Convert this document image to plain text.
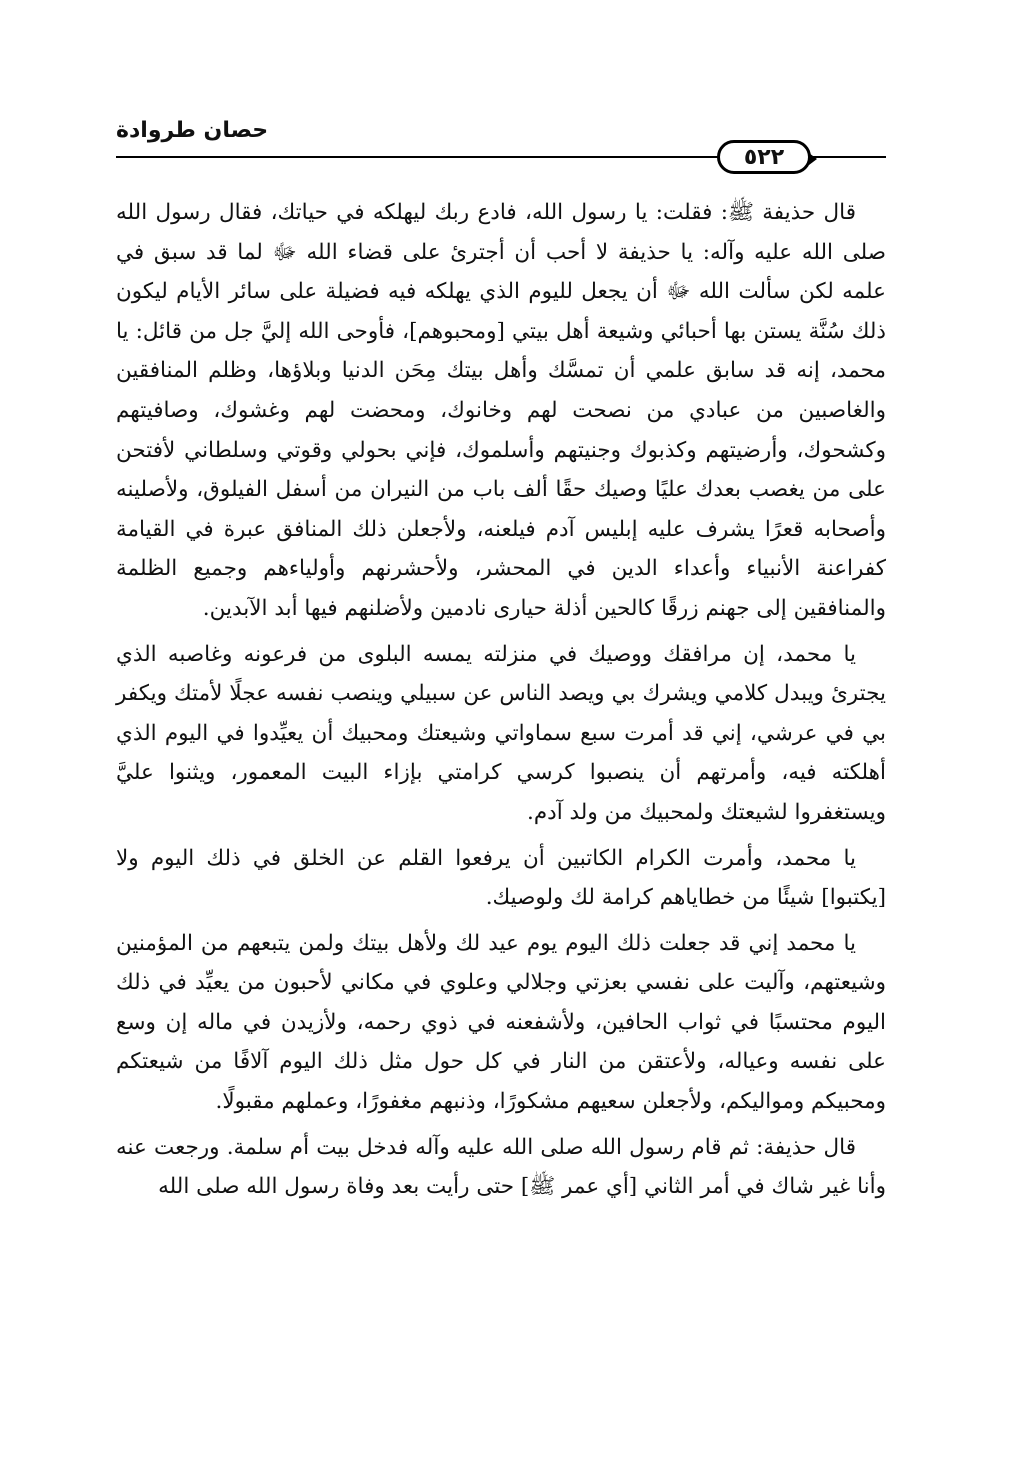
حصان طروادة
٥٢٢

قال حذيفة ﷺ: فقلت: يا رسول الله، فادع ربك ليهلكه في حياتك، فقال رسول الله صلى الله عليه وآله: يا حذيفة لا أحب أن أجترئ على قضاء الله ﷻ لما قد سبق في علمه لكن سألت الله ﷻ أن يجعل لليوم الذي يهلكه فيه فضيلة على سائر الأيام ليكون ذلك سُنَّة يستن بها أحبائي وشيعة أهل بيتي [ومحبوهم]، فأوحى الله إليَّ جل من قائل: يا محمد، إنه قد سابق علمي أن تمسَّك وأهل بيتك مِحَن الدنيا وبلاؤها، وظلم المنافقين والغاصبين من عبادي من نصحت لهم وخانوك، ومحضت لهم وغشوك، وصافيتهم وكشحوك، وأرضيتهم وكذبوك وجنيتهم وأسلموك، فإني بحولي وقوتي وسلطاني لأفتحن على من يغصب بعدك عليًا وصيك حقًا ألف باب من النيران من أسفل الفيلوق، ولأصلينه وأصحابه قعرًا يشرف عليه إبليس آدم فيلعنه، ولأجعلن ذلك المنافق عبرة في القيامة كفراعنة الأنبياء وأعداء الدين في المحشر، ولأحشرنهم وأولياءهم وجميع الظلمة والمنافقين إلى جهنم زرقًا كالحين أذلة حيارى نادمين ولأضلنهم فيها أبد الآبدين.

يا محمد، إن مرافقك ووصيك في منزلته يمسه البلوى من فرعونه وغاصبه الذي يجترئ ويبدل كلامي ويشرك بي ويصد الناس عن سبيلي وينصب نفسه عجلًا لأمتك ويكفر بي في عرشي، إني قد أمرت سبع سماواتي وشيعتك ومحبيك أن يعيِّدوا في اليوم الذي أهلكته فيه، وأمرتهم أن ينصبوا كرسي كرامتي بإزاء البيت المعمور، ويثنوا عليَّ ويستغفروا لشيعتك ولمحبيك من ولد آدم.

يا محمد، وأمرت الكرام الكاتبين أن يرفعوا القلم عن الخلق في ذلك اليوم ولا [يكتبوا] شيئًا من خطاياهم كرامة لك ولوصيك.

يا محمد إني قد جعلت ذلك اليوم يوم عيد لك ولأهل بيتك ولمن يتبعهم من المؤمنين وشيعتهم، وآليت على نفسي بعزتي وجلالي وعلوي في مكاني لأحبون من يعيِّد في ذلك اليوم محتسبًا في ثواب الحافين، ولأشفعنه في ذوي رحمه، ولأزيدن في ماله إن وسع على نفسه وعياله، ولأعتقن من النار في كل حول مثل ذلك اليوم آلافًا من شيعتكم ومحبيكم ومواليكم، ولأجعلن سعيهم مشكورًا، وذنبهم مغفورًا، وعملهم مقبولًا.

قال حذيفة: ثم قام رسول الله صلى الله عليه وآله فدخل بيت أم سلمة. ورجعت عنه وأنا غير شاك في أمر الثاني [أي عمر ﷺ] حتى رأيت بعد وفاة رسول الله صلى الله
